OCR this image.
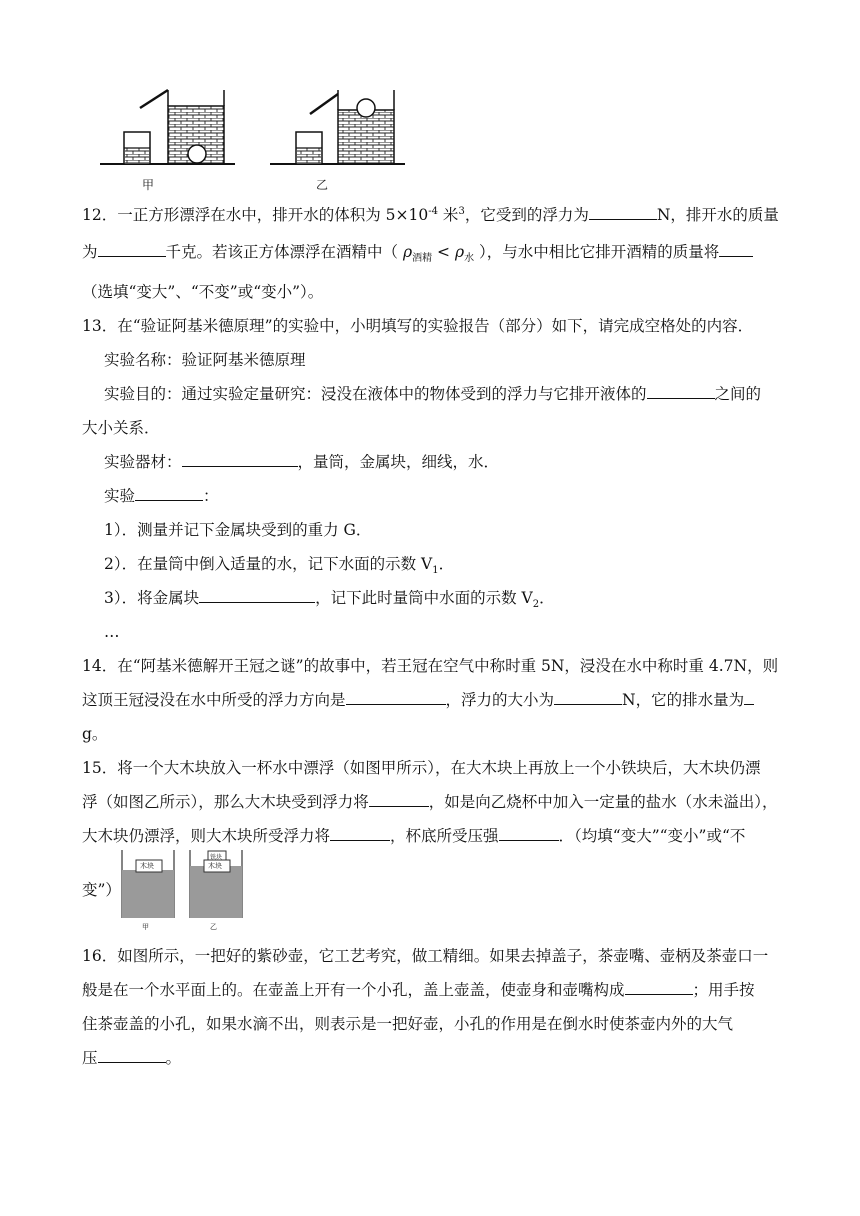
甲	乙
12．一正方形漂浮在水中，排开水的体积为 $5\times 10^{-4}$ 米$^3$，它受到的浮力为	N，排开水的质量
为	千克。若该正方体漂浮在酒精中（ $\rho_{酒精} < \rho_水$ ），与水中相比它排开酒精的质量将
（选填“变大”、“不变”或“变小”）。
13．在“验证阿基米德原理”的实验中，小明填写的实验报告（部分）如下，请完成空格处的内容．
实验名称：验证阿基米德原理
实验目的：通过实验定量研究：浸没在液体中的物体受到的浮力与它排开液体的	之间的
大小关系．
实验器材：	，量筒，金属块，细线，水．
实验	：
1）．测量并记下金属块受到的重力 G．
2）．在量筒中倒入适量的水，记下水面的示数 $V_1$．
3）．将金属块	，记下此时量筒中水面的示数 $V_2$．
…
14．在“阿基米德解开王冠之谜”的故事中，若王冠在空气中称时重 5N，浸没在水中称时重 4.7N，则
这顶王冠浸没在水中所受的浮力方向是	，浮力的大小为	N，它的排水量为
g。
15．将一个大木块放入一杯水中漂浮（如图甲所示），在大木块上再放上一个小铁块后，大木块仍漂
浮（如图乙所示），那么大木块受到浮力将	，如是向乙烧杯中加入一定量的盐水（水未溢出），
大木块仍漂浮，则大木块所受浮力将	，杯底所受压强	．（均填“变大”“变小”或“不
变”）
木块	木块
铁块
甲	乙
16．如图所示，一把好的紫砂壶，它工艺考究，做工精细。如果去掉盖子，茶壶嘴、壶柄及茶壶口一
般是在一个水平面上的。在壶盖上开有一个小孔，盖上壶盖，使壶身和壶嘴构成	；用手按
住茶壶盖的小孔，如果水滴不出，则表示是一把好壶，小孔的作用是在倒水时使茶壶内外的大气
压	。
